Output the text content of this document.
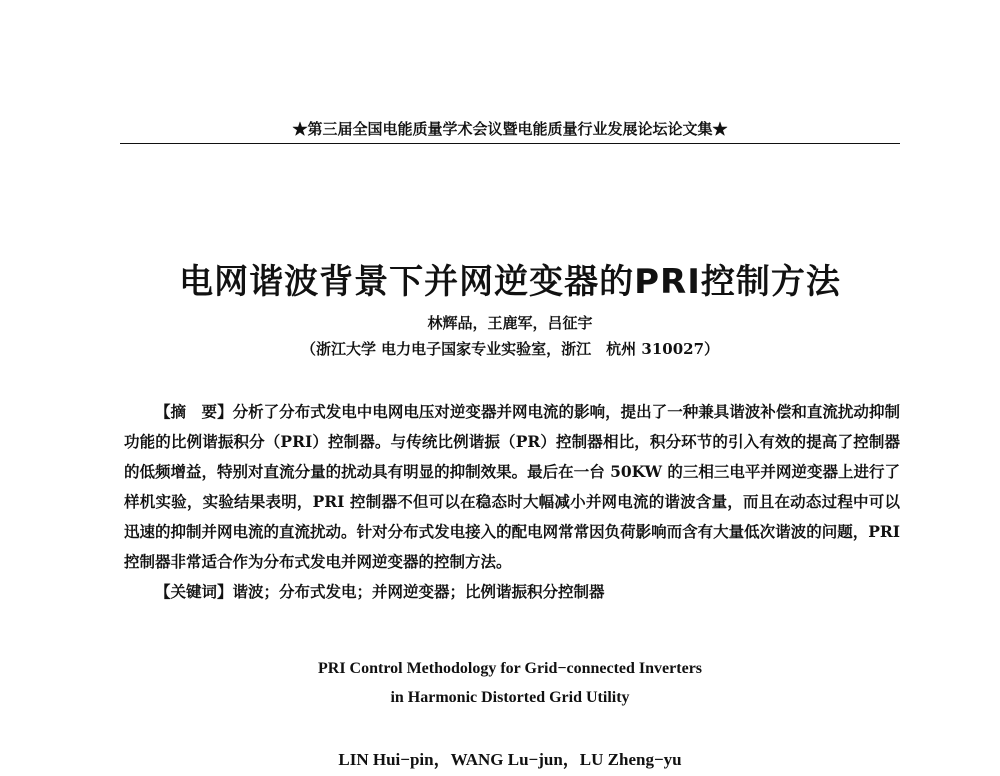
★第三届全国电能质量学术会议暨电能质量行业发展论坛论文集★
电网谐波背景下并网逆变器的PRI控制方法
林辉品，王鹿军，吕征宇
（浙江大学 电力电子国家专业实验室，浙江　杭州 310027）

【摘　要】分析了分布式发电中电网电压对逆变器并网电流的影响，提出了一种兼具谐波补偿和直流扰动抑制功能的比例谐振积分（PRI）控制器。与传统比例谐振（PR）控制器相比，积分环节的引入有效的提高了控制器的低频增益，特别对直流分量的扰动具有明显的抑制效果。最后在一台 50KW 的三相三电平并网逆变器上进行了样机实验，实验结果表明，PRI 控制器不但可以在稳态时大幅减小并网电流的谐波含量，而且在动态过程中可以迅速的抑制并网电流的直流扰动。针对分布式发电接入的配电网常常因负荷影响而含有大量低次谐波的问题，PRI 控制器非常适合作为分布式发电并网逆变器的控制方法。

【关键词】谐波；分布式发电；并网逆变器；比例谐振积分控制器

PRI Control Methodology for Grid−connected Inverters
in Harmonic Distorted Grid Utility
LIN Hui−pin，WANG Lu−jun，LU Zheng−yu
